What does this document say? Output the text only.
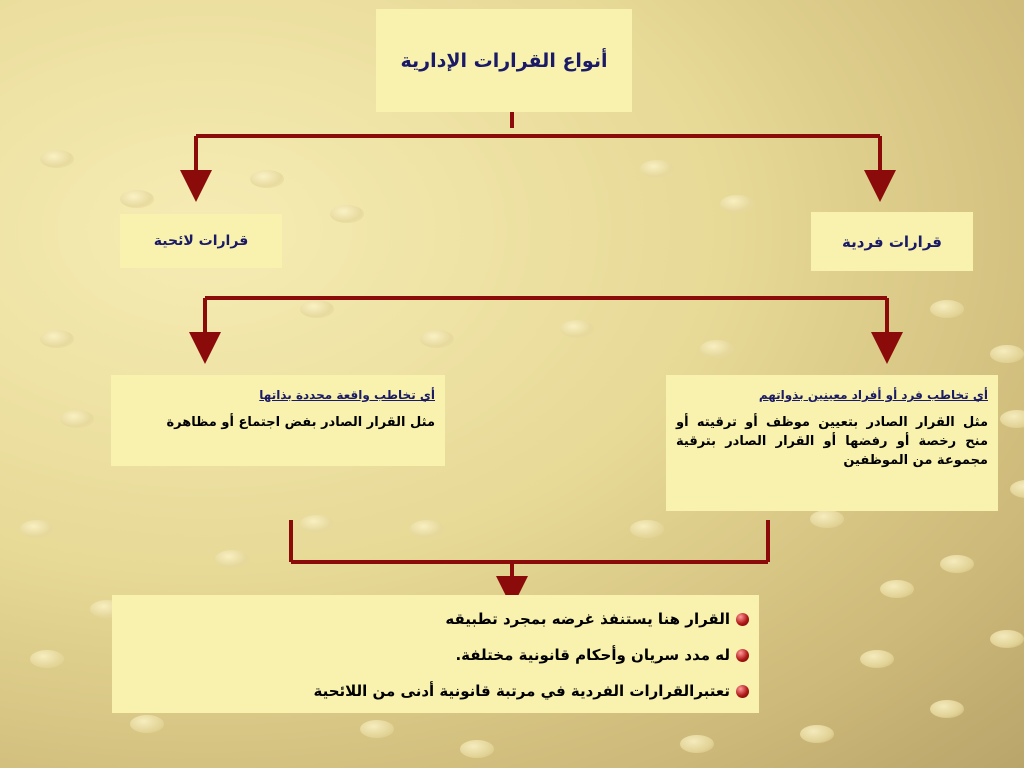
أنواع القرارات الإدارية
قرارات لائحية	قرارات فردية
أي تخاطب واقعة محددة بذاتها
مثل القرار الصادر بفض اجتماع أو مظاهرة
أي تخاطب فرد أو أفراد معينين بذواتهم
مثل القرار الصادر بتعيين موظف أو ترقيته أو منح رخصة أو رفضها أو القرار الصادر بترقية مجموعة من الموظفين
القرار هنا يستنفذ غرضه بمجرد تطبيقه
له مدد سريان وأحكام قانونية مختلفة.
تعتبرالقرارات الفردية في مرتبة قانونية أدنى من اللائحية
